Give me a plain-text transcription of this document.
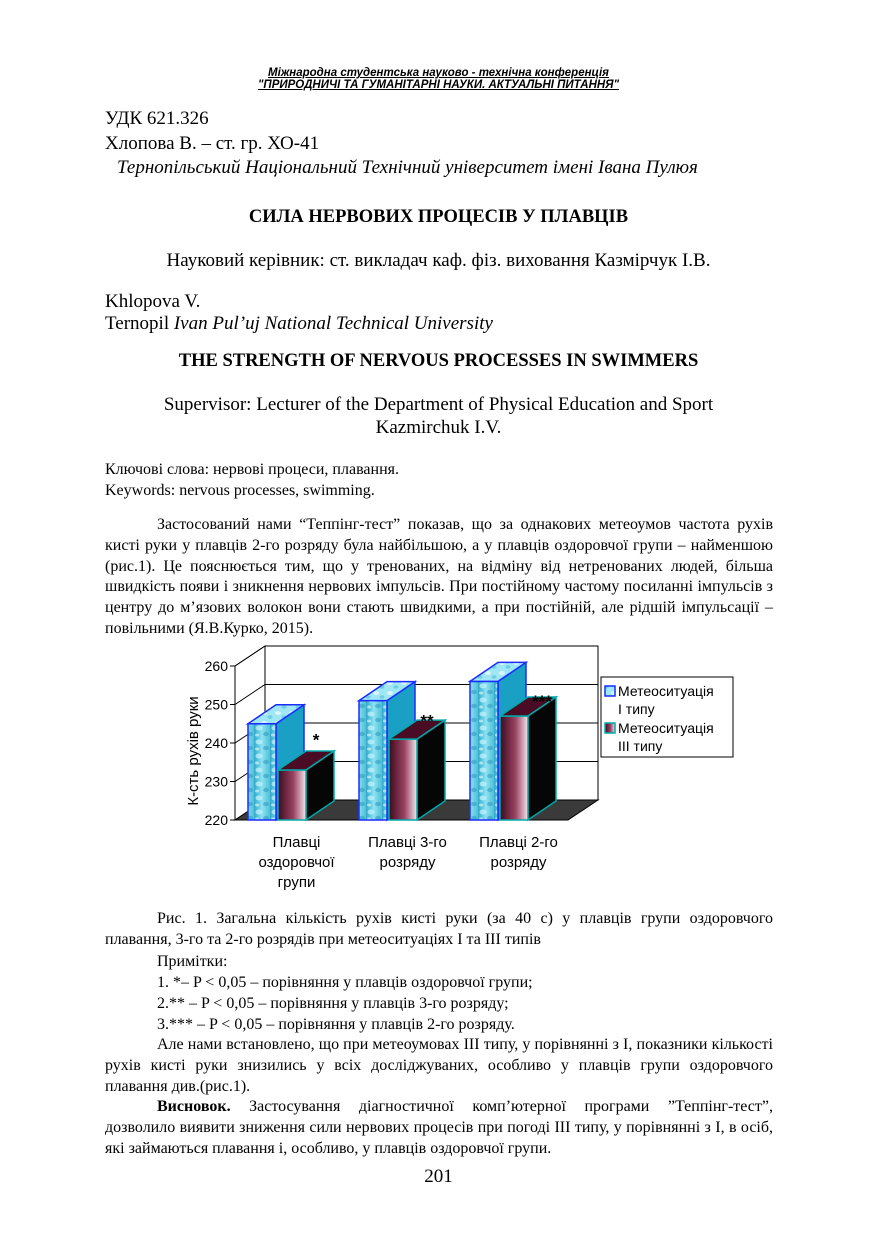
Міжнародна студентська науково - технічна конференція
"ПРИРОДНИЧІ ТА ГУМАНІТАРНІ НАУКИ. АКТУАЛЬНІ ПИТАННЯ"
УДК 621.326
Хлопова В. – ст. гр. ХО-41
Тернопільський Національний Технічний університет імені Івана Пулюя
СИЛА НЕРВОВИХ ПРОЦЕСІВ У ПЛАВЦІВ
Науковий керівник: ст. викладач каф. фіз. виховання Казмірчук І.В.
Khlopova V.
Ternopil Ivan Pul’uj National Technical University
THE STRENGTH OF NERVOUS PROCESSES IN SWIMMERS
Supervisor: Lecturer of the Department of Physical Education and Sport
Kazmirchuk I.V.
Ключові слова: нервові процеси, плавання.
Keywords: nervous processes, swimming.
Застосований нами “Теппінг-тест” показав, що за однакових метеоумов частота рухів кисті руки у плавців 2-го розряду була найбільшою, а у плавців оздоровчої групи – найменшою (рис.1). Це пояснюється тим, що у тренованих, на відміну від нетренованих людей, більша швидкість появи і зникнення нервових імпульсів. При постійному частому посиланні імпульсів з центру до м’язових волокон вони стають швидкими, а при постійній, але рідшій імпульсації – повільними (Я.В.Курко, 2015).
220
230
240
250
260
К-сть рухів руки	*
Плавці
оздоровчої
групи
**
Плавці 3-го
розряду
***
Плавці 2-го
розряду
Метеоситуація
I типу
Метеоситуація
III типу
Рис. 1. Загальна кількість рухів кисті руки (за 40 с) у плавців групи оздоровчого плавання, 3-го та 2-го розрядів при метеоситуаціях I та III типів
Примітки:
1. *– P < 0,05 – порівняння у плавців оздоровчої групи;
2.** – P < 0,05 – порівняння у плавців 3-го розряду;
3.*** – P < 0,05 – порівняння у плавців 2-го розряду.
Але нами встановлено, що при метеоумовах III типу, у порівнянні з I, показники кількості рухів кисті руки знизились у всіх досліджуваних, особливо у плавців групи оздоровчого плавання див.(рис.1).
Висновок. Застосування діагностичної комп’ютерної програми ”Теппінг-тест”, дозволило виявити зниження сили нервових процесів при погоді III типу, у порівнянні з I, в осіб, які займаються плавання і, особливо, у плавців оздоровчої групи.
201
